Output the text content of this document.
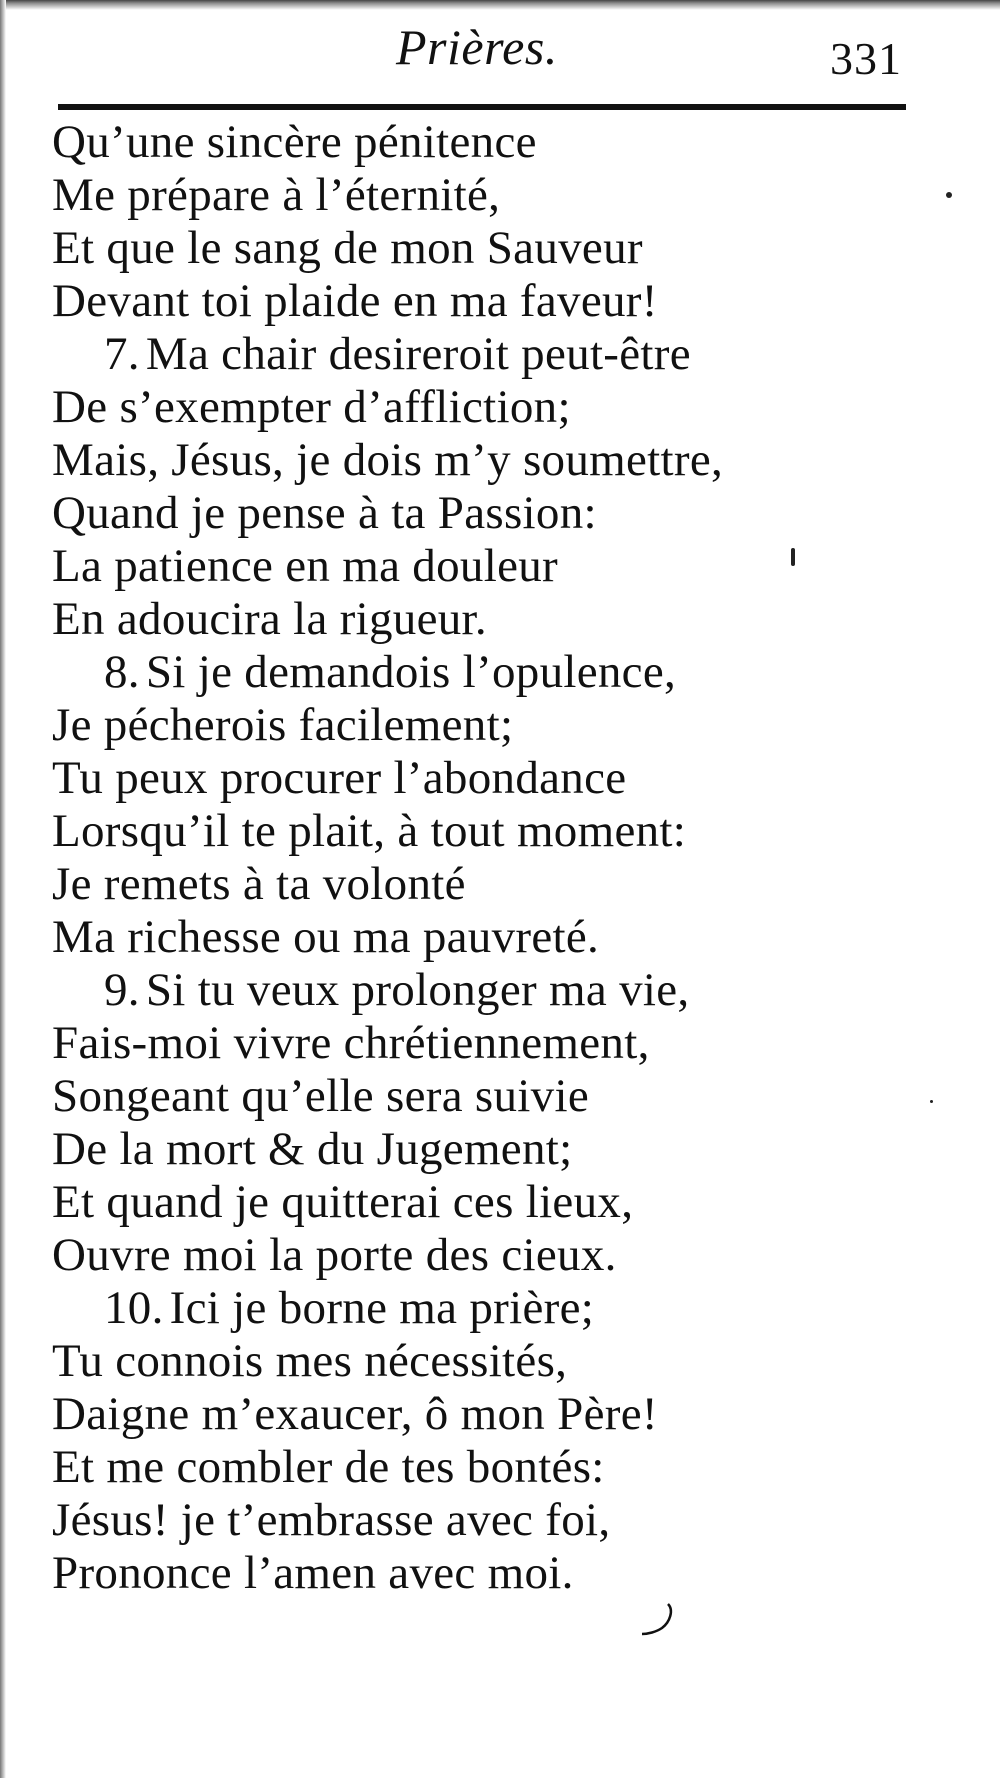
Prières.	331
Qu’une sincère pénitence
Me prépare à l’éternité,
Et que le sang de mon Sauveur
Devant toi plaide en ma faveur!
7. Ma chair desireroit peut-être
De s’exempter d’affliction;
Mais, Jésus, je dois m’y soumettre,
Quand je pense à ta Passion:
La patience en ma douleur
En adoucira la rigueur.
8. Si je demandois l’opulence,
Je pécherois facilement;
Tu peux procurer l’abondance
Lorsqu’il te plait, à tout moment:
Je remets à ta volonté
Ma richesse ou ma pauvreté.
9. Si tu veux prolonger ma vie,
Fais-moi vivre chrétiennement,
Songeant qu’elle sera suivie
De la mort & du Jugement;
Et quand je quitterai ces lieux,
Ouvre moi la porte des cieux.
10. Ici je borne ma prière;
Tu connois mes nécessités,
Daigne m’exaucer, ô mon Père!
Et me combler de tes bontés:
Jésus! je t’embrasse avec foi,
Prononce l’amen avec moi.
